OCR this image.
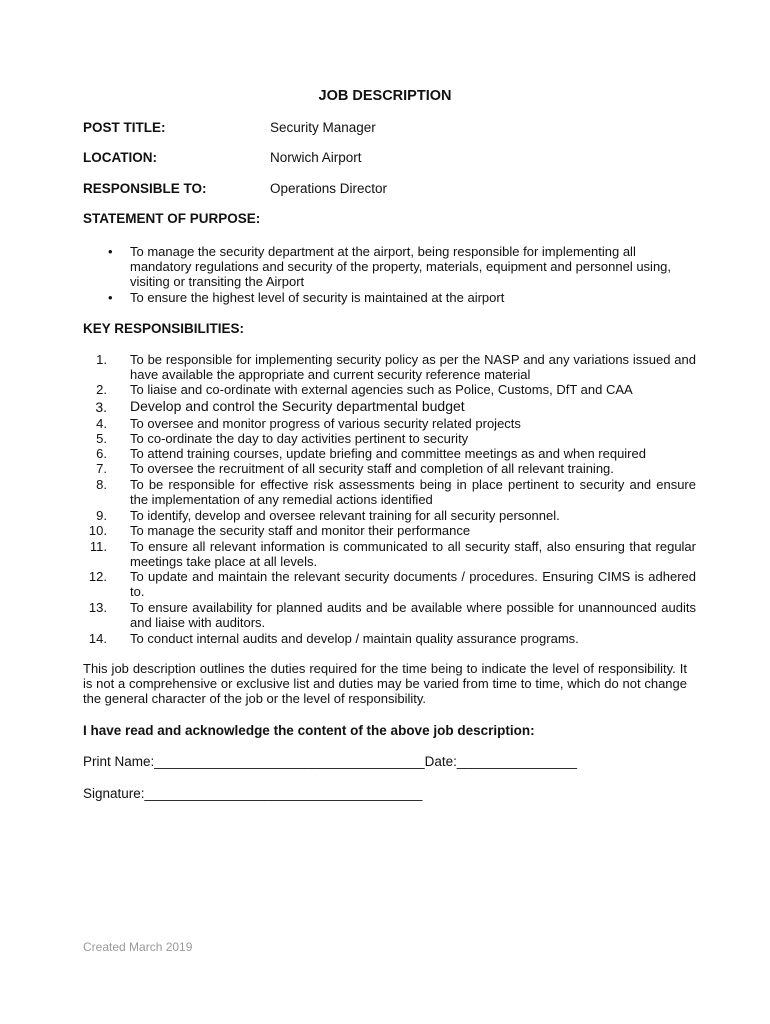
JOB DESCRIPTION
POST TITLE:	Security Manager
LOCATION:	Norwich Airport
RESPONSIBLE TO:	Operations Director
STATEMENT OF PURPOSE:
• To manage the security department at the airport, being responsible for implementing all mandatory regulations and security of the property, materials, equipment and personnel using, visiting or transiting the Airport
• To ensure the highest level of security is maintained at the airport
KEY RESPONSIBILITIES:
1. To be responsible for implementing security policy as per the NASP and any variations issued and have available the appropriate and current security reference material
2. To liaise and co-ordinate with external agencies such as Police, Customs, DfT and CAA
3. Develop and control the Security departmental budget
4. To oversee and monitor progress of various security related projects
5. To co-ordinate the day to day activities pertinent to security
6. To attend training courses, update briefing and committee meetings as and when required
7. To oversee the recruitment of all security staff and completion of all relevant training.
8. To be responsible for effective risk assessments being in place pertinent to security and ensure the implementation of any remedial actions identified
9. To identify, develop and oversee relevant training for all security personnel.
10. To manage the security staff and monitor their performance
11. To ensure all relevant information is communicated to all security staff, also ensuring that regular meetings take place at all levels.
12. To update and maintain the relevant security documents / procedures. Ensuring CIMS is adhered to.
13. To ensure availability for planned audits and be available where possible for unannounced audits and liaise with auditors.
14. To conduct internal audits and develop / maintain quality assurance programs.
This job description outlines the duties required for the time being to indicate the level of responsibility. It is not a comprehensive or exclusive list and duties may be varied from time to time, which do not change the general character of the job or the level of responsibility.
I have read and acknowledge the content of the above job description:
Print Name:____________________________________Date:________________
Signature:_____________________________________
Created March 2019
